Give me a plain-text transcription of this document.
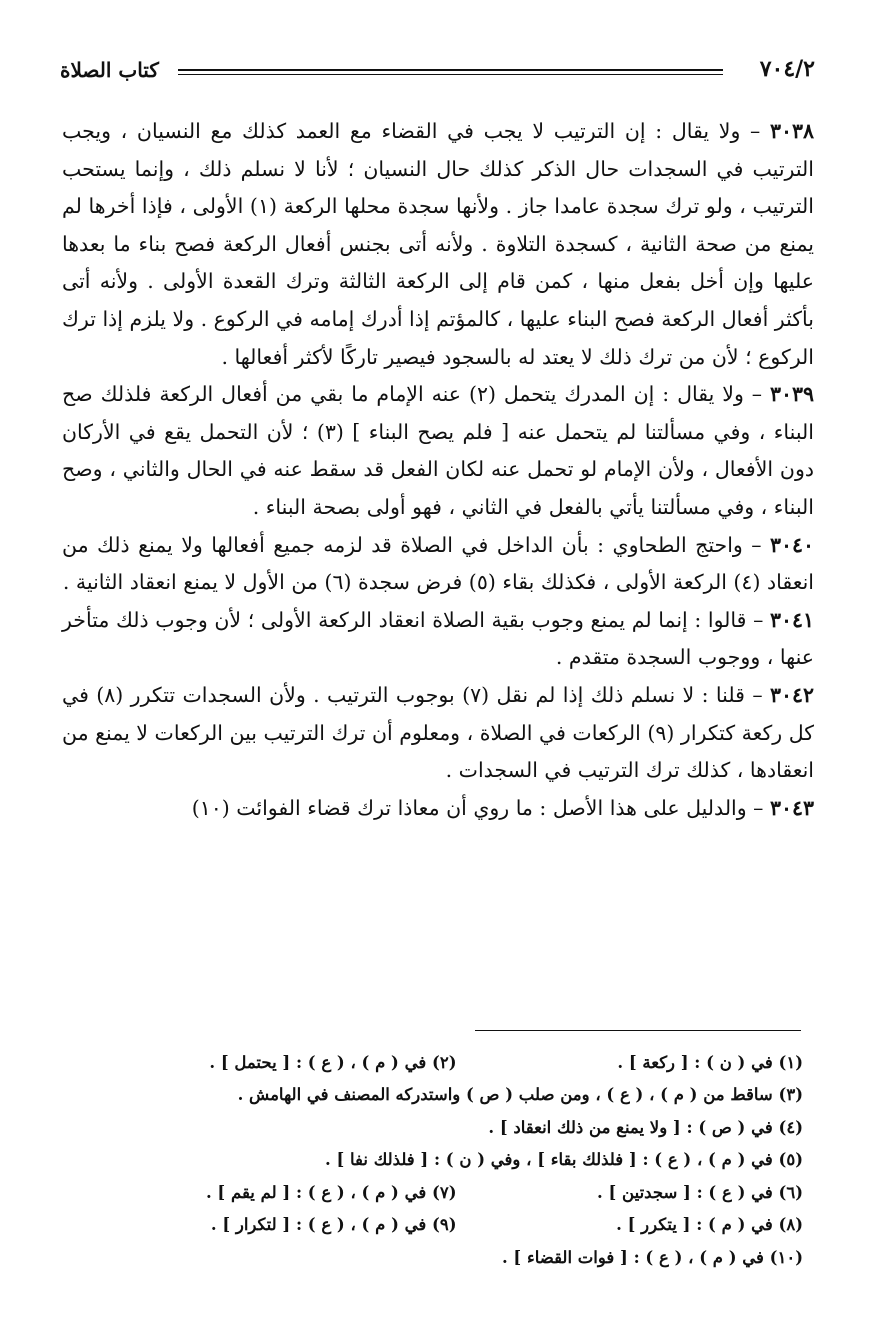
٧٠٤/٢
كتاب الصلاة

٣٠٣٨ – ولا يقال : إن الترتيب لا يجب في القضاء مع العمد كذلك مع النسيان ، ويجب الترتيب في السجدات حال الذكر كذلك حال النسيان ؛ لأنا لا نسلم ذلك ، وإنما يستحب الترتيب ، ولو ترك سجدة عامدا جاز . ولأنها سجدة محلها الركعة (١) الأولى ، فإذا أخرها لم يمنع من صحة الثانية ، كسجدة التلاوة . ولأنه أتى بجنس أفعال الركعة فصح بناء ما بعدها عليها وإن أخل بفعل منها ، كمن قام إلى الركعة الثالثة وترك القعدة الأولى . ولأنه أتى بأكثر أفعال الركعة فصح البناء عليها ، كالمؤتم إذا أدرك إمامه في الركوع . ولا يلزم إذا ترك الركوع ؛ لأن من ترك ذلك لا يعتد له بالسجود فيصير تاركًا لأكثر أفعالها .

٣٠٣٩ – ولا يقال : إن المدرك يتحمل (٢) عنه الإمام ما بقي من أفعال الركعة فلذلك صح البناء ، وفي مسألتنا لم يتحمل عنه [ فلم يصح البناء ] (٣) ؛ لأن التحمل يقع في الأركان دون الأفعال ، ولأن الإمام لو تحمل عنه لكان الفعل قد سقط عنه في الحال والثاني ، وصح البناء ، وفي مسألتنا يأتي بالفعل في الثاني ، فهو أولى بصحة البناء .

٣٠٤٠ – واحتج الطحاوي : بأن الداخل في الصلاة قد لزمه جميع أفعالها ولا يمنع ذلك من انعقاد (٤) الركعة الأولى ، فكذلك بقاء (٥) فرض سجدة (٦) من الأول لا يمنع انعقاد الثانية .

٣٠٤١ – قالوا : إنما لم يمنع وجوب بقية الصلاة انعقاد الركعة الأولى ؛ لأن وجوب ذلك متأخر عنها ، ووجوب السجدة متقدم .

٣٠٤٢ – قلنا : لا نسلم ذلك إذا لم نقل (٧) بوجوب الترتيب . ولأن السجدات تتكرر (٨) في كل ركعة كتكرار (٩) الركعات في الصلاة ، ومعلوم أن ترك الترتيب بين الركعات لا يمنع من انعقادها ، كذلك ترك الترتيب في السجدات .

٣٠٤٣ – والدليل على هذا الأصل : ما روي أن معاذا ترك قضاء الفوائت (١٠)

(١) في ( ن ) : [ ركعة ] .
(٢) في ( م ) ، ( ع ) : [ يحتمل ] .
(٣) ساقط من ( م ) ، ( ع ) ، ومن صلب ( ص ) واستدركه المصنف في الهامش .
(٤) في ( ص ) : [ ولا يمنع من ذلك انعقاد ] .
(٥) في ( م ) ، ( ع ) : [ فلذلك بقاء ] ، وفي ( ن ) : [ فلذلك نفا ] .
(٦) في ( ع ) : [ سجدتين ] .
(٧) في ( م ) ، ( ع ) : [ لم يقم ] .
(٨) في ( م ) : [ يتكرر ] .
(٩) في ( م ) ، ( ع ) : [ لتكرار ] .
(١٠) في ( م ) ، ( ع ) : [ فوات القضاء ] .
